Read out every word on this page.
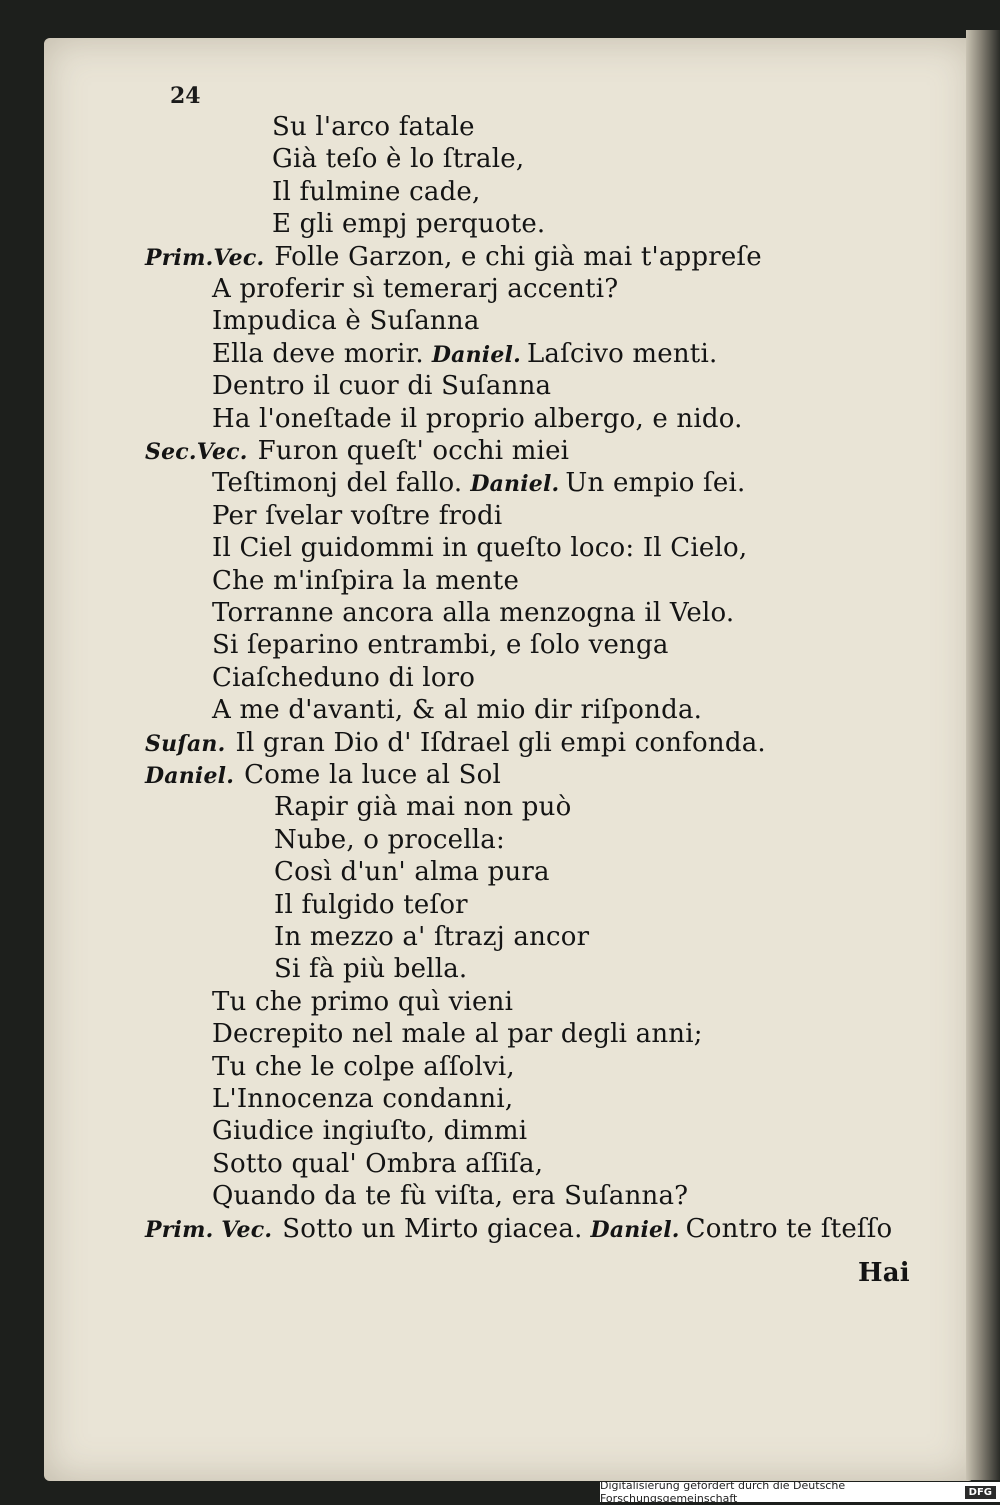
24
Su l'arco fatale
Già teſo è lo ſtrale,
Il fulmine cade,
E gli empj perquote.
Prim.Vec. Folle Garzon, e chi già mai t'appreſe
A proferir sì temerarj accenti?
Impudica è Suſanna
Ella deve morir. Daniel. Laſcivo menti.
Dentro il cuor di Suſanna
Ha l'oneſtade il proprio albergo, e nido.
Sec.Vec. Furon queſt' occhi miei
Teſtimonj del fallo. Daniel. Un empio ſei.
Per ſvelar voſtre frodi
Il Ciel guidommi in queſto loco: Il Cielo,
Che m'inſpira la mente
Torranne ancora alla menzogna il Velo.
Si ſeparino entrambi, e ſolo venga
Ciaſcheduno di loro
A me d'avanti, & al mio dir riſponda.
Suſan. Il gran Dio d' Iſdrael gli empi confonda.
Daniel. Come la luce al Sol
Rapir già mai non può
Nube, o procella:
Così d'un' alma pura
Il fulgido teſor
In mezzo a' ſtrazj ancor
Si fà più bella.
Tu che primo quì vieni
Decrepito nel male al par degli anni;
Tu che le colpe aſſolvi,
L'Innocenza condanni,
Giudice ingiuſto, dimmi
Sotto qual' Ombra aſſiſa,
Quando da te fù viſta, era Suſanna?
Prim. Vec. Sotto un Mirto giacea. Daniel. Contro te ſteſſo
Hai
Digitalisierung gefördert durch die Deutsche Forschungsgemeinschaft	DFG
